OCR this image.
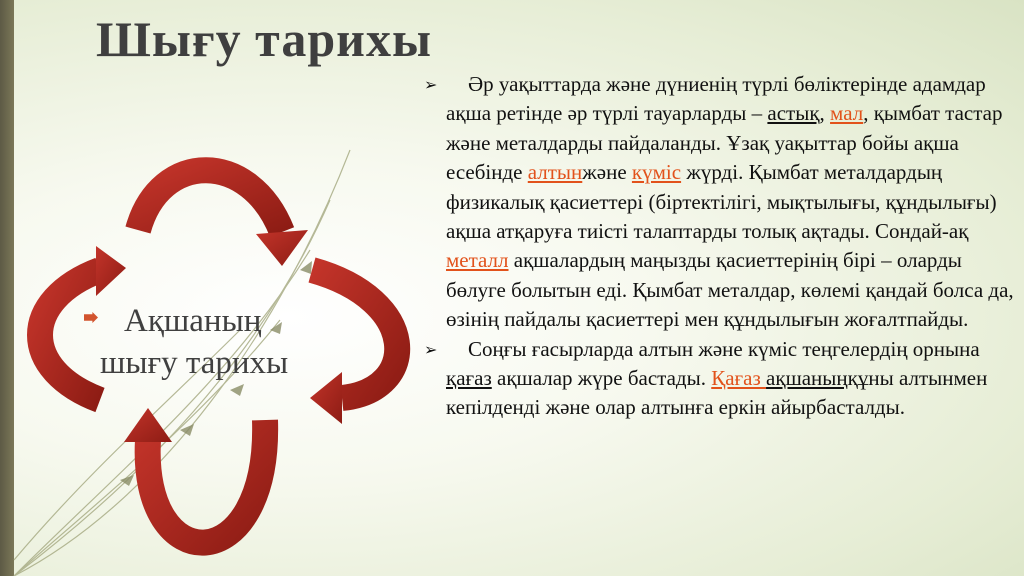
Шығу тарихы
Ақшаның
шығу тарихы
➢ Әр уақыттарда және дүниенің түрлі бөліктерінде адамдар ақша ретінде әр түрлі тауарларды – астық, мал, қымбат тастар және металдарды пайдаланды. Ұзақ уақыттар бойы ақша есебінде алтынжәне күміс жүрді. Қымбат металдардың физикалық қасиеттері (біртектілігі, мықтылығы, құндылығы) ақша атқаруға тиісті талаптарды толық ақтады. Сондай-ақ металл ақшалардың маңызды қасиеттерінің бірі – оларды бөлуге болытын еді. Қымбат металдар, көлемі қандай болса да, өзінің пайдалы қасиеттері мен құндылығын жоғалтпайды.
➢ Соңғы ғасырларда алтын және күміс теңгелердің орнына қағаз ақшалар жүре бастады. Қағаз ақшаныңқұны алтынмен кепілденді және олар алтынға еркін айырбасталды.
